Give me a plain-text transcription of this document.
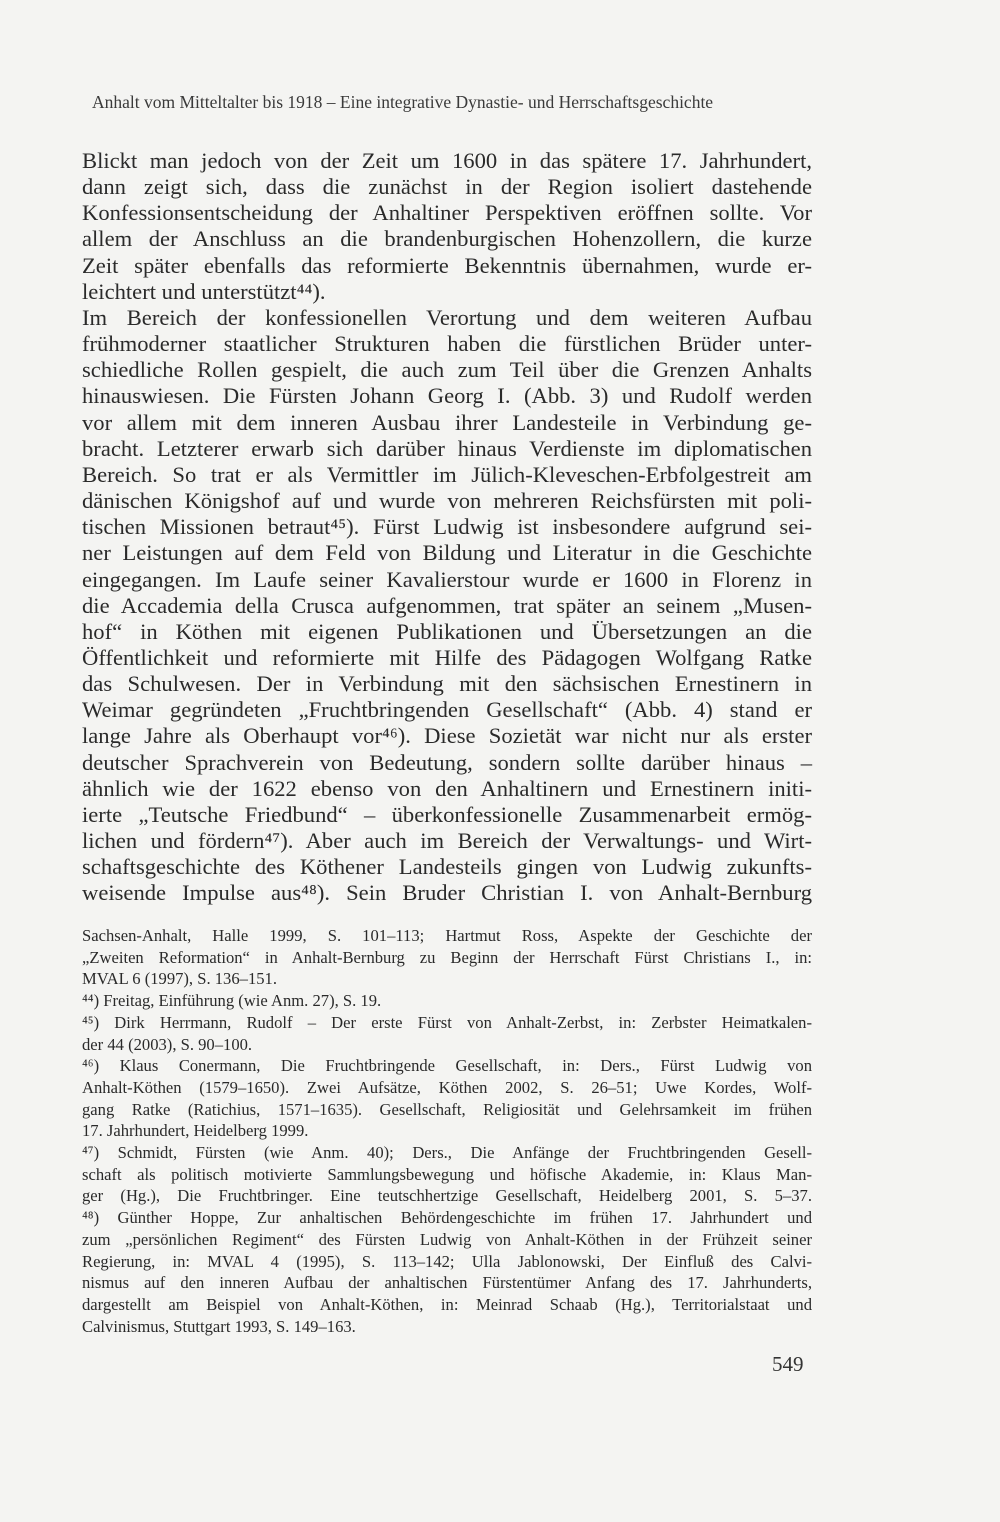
Anhalt vom Mitteltalter bis 1918 – Eine integrative Dynastie- und Herrschaftsgeschichte
Blickt man jedoch von der Zeit um 1600 in das spätere 17. Jahrhundert,
dann zeigt sich, dass die zunächst in der Region isoliert dastehende
Konfessionsentscheidung der Anhaltiner Perspektiven eröffnen sollte. Vor
allem der Anschluss an die brandenburgischen Hohenzollern, die kurze
Zeit später ebenfalls das reformierte Bekenntnis übernahmen, wurde er-
leichtert und unterstützt⁴⁴).
Im Bereich der konfessionellen Verortung und dem weiteren Aufbau
frühmoderner staatlicher Strukturen haben die fürstlichen Brüder unter-
schiedliche Rollen gespielt, die auch zum Teil über die Grenzen Anhalts
hinauswiesen. Die Fürsten Johann Georg I. (Abb. 3) und Rudolf werden
vor allem mit dem inneren Ausbau ihrer Landesteile in Verbindung ge-
bracht. Letzterer erwarb sich darüber hinaus Verdienste im diplomatischen
Bereich. So trat er als Vermittler im Jülich-Kleveschen-Erbfolgestreit am
dänischen Königshof auf und wurde von mehreren Reichsfürsten mit poli-
tischen Missionen betraut⁴⁵). Fürst Ludwig ist insbesondere aufgrund sei-
ner Leistungen auf dem Feld von Bildung und Literatur in die Geschichte
eingegangen. Im Laufe seiner Kavalierstour wurde er 1600 in Florenz in
die Accademia della Crusca aufgenommen, trat später an seinem „Musen-
hof“ in Köthen mit eigenen Publikationen und Übersetzungen an die
Öffentlichkeit und reformierte mit Hilfe des Pädagogen Wolfgang Ratke
das Schulwesen. Der in Verbindung mit den sächsischen Ernestinern in
Weimar gegründeten „Fruchtbringenden Gesellschaft“ (Abb. 4) stand er
lange Jahre als Oberhaupt vor⁴⁶). Diese Sozietät war nicht nur als erster
deutscher Sprachverein von Bedeutung, sondern sollte darüber hinaus –
ähnlich wie der 1622 ebenso von den Anhaltinern und Ernestinern initi-
ierte „Teutsche Friedbund“ – überkonfessionelle Zusammenarbeit ermög-
lichen und fördern⁴⁷). Aber auch im Bereich der Verwaltungs- und Wirt-
schaftsgeschichte des Köthener Landesteils gingen von Ludwig zukunfts-
weisende Impulse aus⁴⁸). Sein Bruder Christian I. von Anhalt-Bernburg
Sachsen-Anhalt, Halle 1999, S. 101–113; Hartmut Ross, Aspekte der Geschichte der
„Zweiten Reformation“ in Anhalt-Bernburg zu Beginn der Herrschaft Fürst Christians I., in:
MVAL 6 (1997), S. 136–151.
⁴⁴) Freitag, Einführung (wie Anm. 27), S. 19.
⁴⁵) Dirk Herrmann, Rudolf – Der erste Fürst von Anhalt-Zerbst, in: Zerbster Heimatkalen-
der 44 (2003), S. 90–100.
⁴⁶) Klaus Conermann, Die Fruchtbringende Gesellschaft, in: Ders., Fürst Ludwig von
Anhalt-Köthen (1579–1650). Zwei Aufsätze, Köthen 2002, S. 26–51; Uwe Kordes, Wolf-
gang Ratke (Ratichius, 1571–1635). Gesellschaft, Religiosität und Gelehrsamkeit im frühen
17. Jahrhundert, Heidelberg 1999.
⁴⁷) Schmidt, Fürsten (wie Anm. 40); Ders., Die Anfänge der Fruchtbringenden Gesell-
schaft als politisch motivierte Sammlungsbewegung und höfische Akademie, in: Klaus Man-
ger (Hg.), Die Fruchtbringer. Eine teutschhertzige Gesellschaft, Heidelberg 2001, S. 5–37.
⁴⁸) Günther Hoppe, Zur anhaltischen Behördengeschichte im frühen 17. Jahrhundert und
zum „persönlichen Regiment“ des Fürsten Ludwig von Anhalt-Köthen in der Frühzeit seiner
Regierung, in: MVAL 4 (1995), S. 113–142; Ulla Jablonowski, Der Einfluß des Calvi-
nismus auf den inneren Aufbau der anhaltischen Fürstentümer Anfang des 17. Jahrhunderts,
dargestellt am Beispiel von Anhalt-Köthen, in: Meinrad Schaab (Hg.), Territorialstaat und
Calvinismus, Stuttgart 1993, S. 149–163.
549
